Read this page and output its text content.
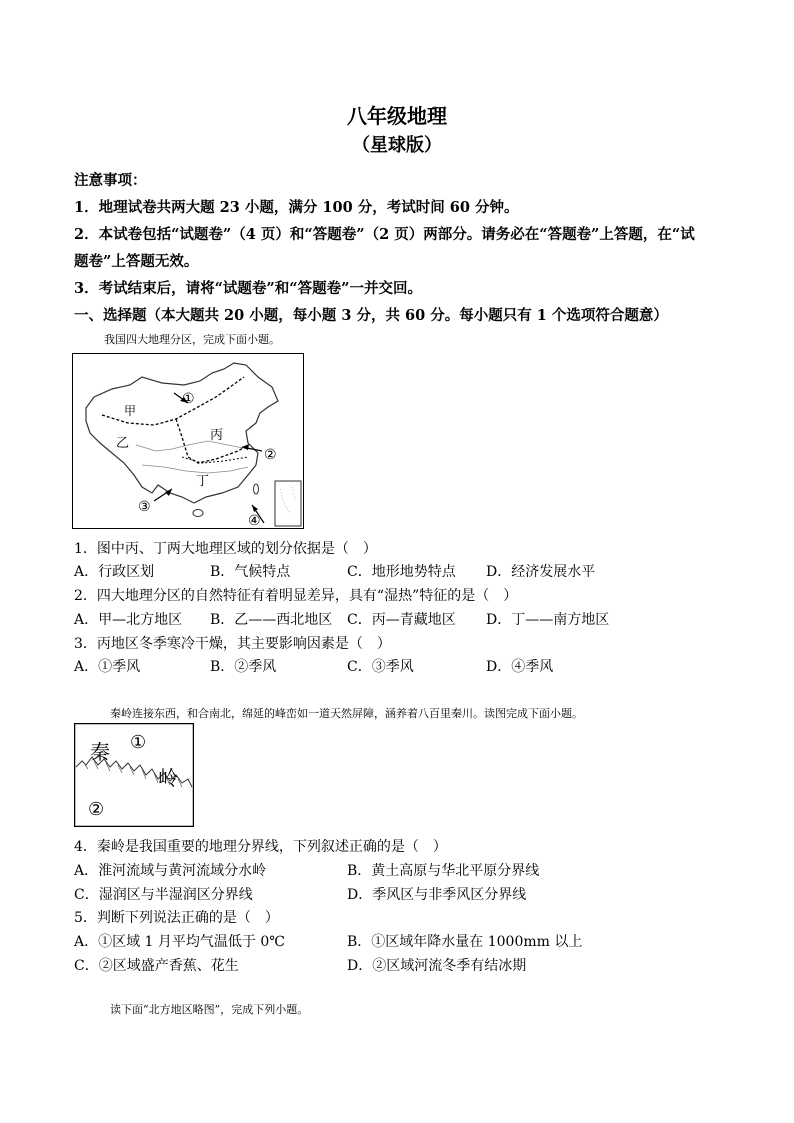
八年级地理
（星球版）
注意事项：
1．地理试卷共两大题 23 小题，满分 100 分，考试时间 60 分钟。
2．本试卷包括“试题卷”（4 页）和“答题卷”（2 页）两部分。请务必在“答题卷”上答题，在“试
题卷”上答题无效。
3．考试结束后，请将“试题卷”和“答题卷”一并交回。
一、选择题（本大题共 20 小题，每小题 3 分，共 60 分。每小题只有 1 个选项符合题意）
我国四大地理分区，完成下面小题。
甲
乙
丙
丁
①
②
③
④
1．图中丙、丁两大地理区域的划分依据是（　）
A．行政区划	B．气候特点	C．地形地势特点 D．经济发展水平
2．四大地理分区的自然特征有着明显差异，具有“湿热”特征的是（　）
A．甲—北方地区 B．乙——西北地区 C．丙—青藏地区 D．丁——南方地区
3．丙地区冬季寒冷干燥，其主要影响因素是（　）
A．①季风	B．②季风	C．③季风	D．④季风
秦岭连接东西，和合南北，绵延的峰峦如一道天然屏障，涵养着八百里秦川。读图完成下面小题。
秦 ①
岭
②
4．秦岭是我国重要的地理分界线，下列叙述正确的是（　）
A．淮河流域与黄河流域分水岭	B．黄土高原与华北平原分界线
C．湿润区与半湿润区分界线	D．季风区与非季风区分界线
5．判断下列说法正确的是（　）
A．①区域 1 月平均气温低于 0℃	B．①区域年降水量在 1000mm 以上
C．②区域盛产香蕉、花生	D．②区域河流冬季有结冰期
读下面“北方地区略图”，完成下列小题。
